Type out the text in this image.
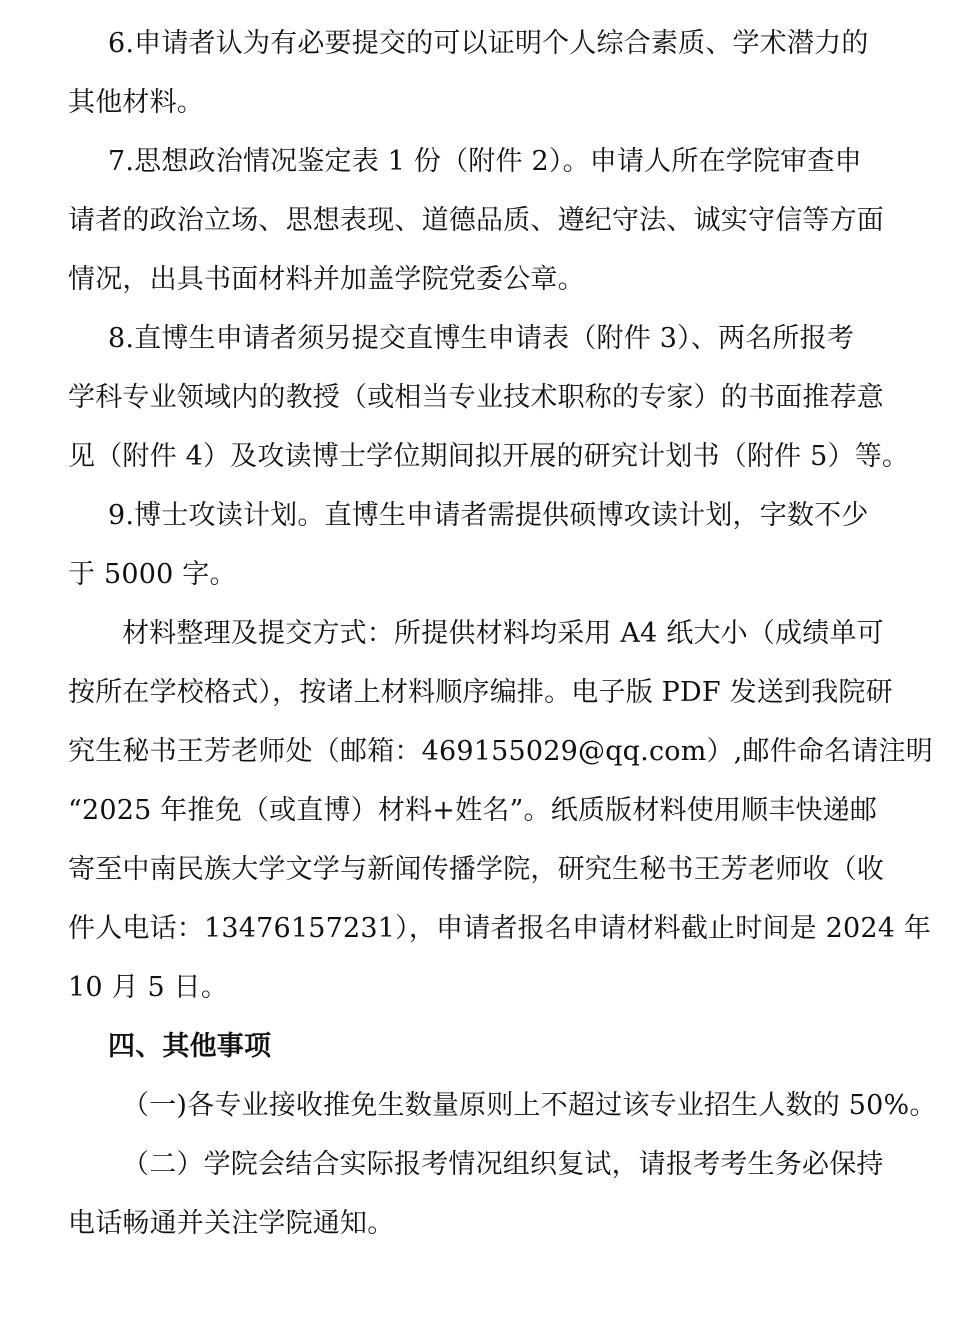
6.申请者认为有必要提交的可以证明个人综合素质、学术潜力的
其他材料。
7.思想政治情况鉴定表 1 份（附件 2）。申请人所在学院审查申
请者的政治立场、思想表现、道德品质、遵纪守法、诚实守信等方面
情况，出具书面材料并加盖学院党委公章。
8.直博生申请者须另提交直博生申请表（附件 3）、两名所报考
学科专业领域内的教授（或相当专业技术职称的专家）的书面推荐意
见（附件 4）及攻读博士学位期间拟开展的研究计划书（附件 5）等。
9.博士攻读计划。直博生申请者需提供硕博攻读计划，字数不少
于 5000 字。
材料整理及提交方式：所提供材料均采用 A4 纸大小（成绩单可
按所在学校格式），按诸上材料顺序编排。电子版 PDF 发送到我院研
究生秘书王芳老师处（邮箱：469155029@qq.com）,邮件命名请注明
“2025 年推免（或直博）材料+姓名”。纸质版材料使用顺丰快递邮
寄至中南民族大学文学与新闻传播学院，研究生秘书王芳老师收（收
件人电话：13476157231），申请者报名申请材料截止时间是 2024 年
10 月 5 日。
四、其他事项
（一)各专业接收推免生数量原则上不超过该专业招生人数的 50%。
（二）学院会结合实际报考情况组织复试，请报考考生务必保持
电话畅通并关注学院通知。
